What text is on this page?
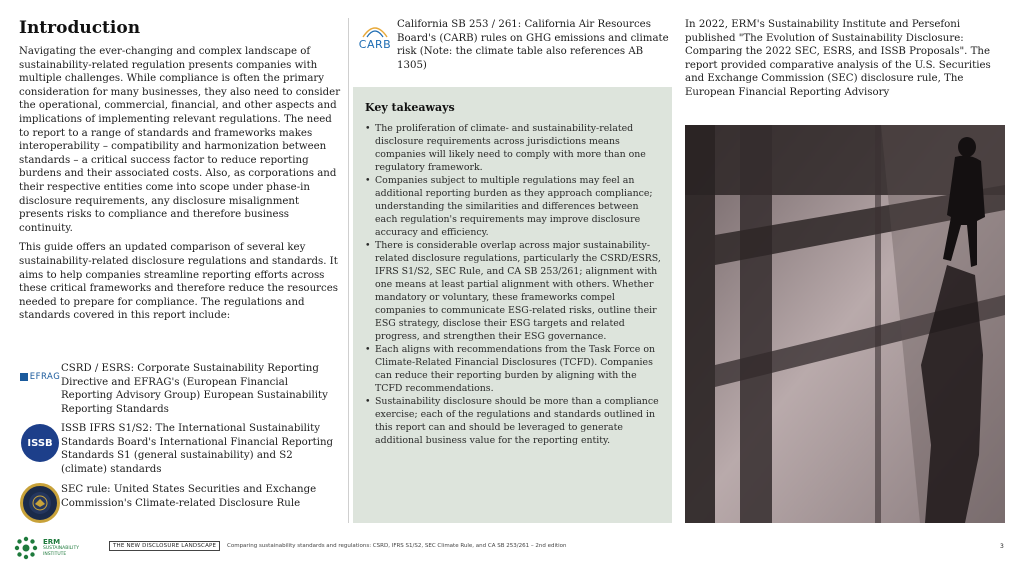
Introduction

Navigating the ever-changing and complex landscape of sustainability-related regulation presents companies with multiple challenges. While compliance is often the primary consideration for many businesses, they also need to consider the operational, commercial, financial, and other aspects and implications of implementing relevant regulations. The need to report to a range of standards and frameworks makes interoperability – compatibility and harmonization between standards – a critical success factor to reduce reporting burdens and their associated costs. Also, as corporations and their respective entities come into scope under phase-in disclosure requirements, any disclosure misalignment presents risks to compliance and therefore business continuity.

This guide offers an updated comparison of several key sustainability-related disclosure regulations and standards. It aims to help companies streamline reporting efforts across these critical frameworks and therefore reduce the resources needed to prepare for compliance. The regulations and standards covered in this report include:

EFRAG
CSRD / ESRS: Corporate Sustainability Reporting Directive and EFRAG's (European Financial Reporting Advisory Group) European Sustainability Reporting Standards
ISSB
ISSB IFRS S1/S2: The International Sustainability Standards Board's International Financial Reporting Standards S1 (general sustainability) and S2 (climate) standards
SEC rule: United States Securities and Exchange Commission's Climate-related Disclosure Rule
CARB
California SB 253 / 261: California Air Resources Board's (CARB) rules on GHG emissions and climate risk (Note: the climate table also references AB 1305)
Key takeaways
• The proliferation of climate- and sustainability-related disclosure requirements across jurisdictions means companies will likely need to comply with more than one regulatory framework.
• Companies subject to multiple regulations may feel an additional reporting burden as they approach compliance; understanding the similarities and differences between each regulation's requirements may improve disclosure accuracy and efficiency.
• There is considerable overlap across major sustainability-related disclosure regulations, particularly the CSRD/ESRS, IFRS S1/S2, SEC Rule, and CA SB 253/261; alignment with one means at least partial alignment with others. Whether mandatory or voluntary, these frameworks compel companies to communicate ESG-related risks, outline their ESG strategy, disclose their ESG targets and related progress, and strengthen their ESG governance.
• Each aligns with recommendations from the Task Force on Climate-Related Financial Disclosures (TCFD). Companies can reduce their reporting burden by aligning with the TCFD recommendations.
• Sustainability disclosure should be more than a compliance exercise; each of the regulations and standards outlined in this report can and should be leveraged to generate additional business value for the reporting entity.

In 2022, ERM's Sustainability Institute and Persefoni published "The Evolution of Sustainability Disclosure: Comparing the 2022 SEC, ESRS, and ISSB Proposals". The report provided comparative analysis of the U.S. Securities and Exchange Commission (SEC) disclosure rule, The European Financial Reporting Advisory

ERM
SUSTAINABILITY
INSTITUTE
THE NEW DISCLOSURE LANDSCAPE	Comparing sustainability standards and regulations: CSRD, IFRS S1/S2, SEC Climate Rule, and CA SB 253/261 – 2nd edition	3
